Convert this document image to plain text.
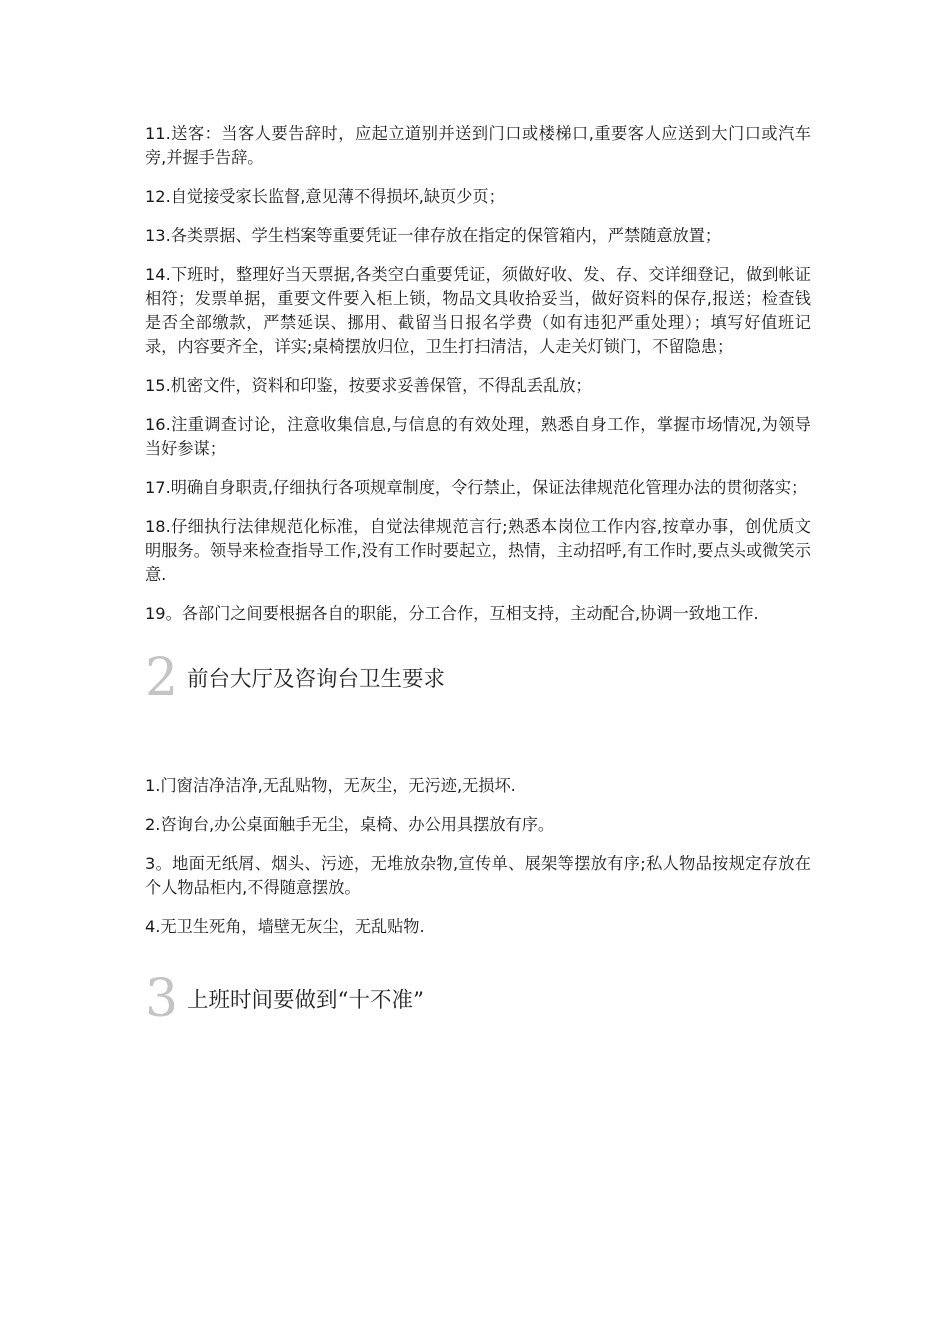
11.送客：当客人要告辞时，应起立道别并送到门口或楼梯口,重要客人应送到大门口或汽车旁,并握手告辞。

12.自觉接受家长监督,意见薄不得损坏,缺页少页；

13.各类票据、学生档案等重要凭证一律存放在指定的保管箱内，严禁随意放置；

14.下班时，整理好当天票据,各类空白重要凭证，须做好收、发、存、交详细登记，做到帐证相符；发票单据，重要文件要入柜上锁，物品文具收拾妥当，做好资料的保存,报送；检查钱是否全部缴款，严禁延误、挪用、截留当日报名学费（如有违犯严重处理）；填写好值班记录，内容要齐全，详实;桌椅摆放归位，卫生打扫清洁，人走关灯锁门，不留隐患；

15.机密文件，资料和印鉴，按要求妥善保管，不得乱丢乱放；

16.注重调查讨论，注意收集信息,与信息的有效处理，熟悉自身工作，掌握市场情况,为领导当好参谋；

17.明确自身职责,仔细执行各项规章制度，令行禁止，保证法律规范化管理办法的贯彻落实；

18.仔细执行法律规范化标准，自觉法律规范言行;熟悉本岗位工作内容,按章办事，创优质文明服务。领导来检查指导工作,没有工作时要起立，热情，主动招呼,有工作时,要点头或微笑示意.

19。各部门之间要根据各自的职能，分工合作，互相支持，主动配合,协调一致地工作.

2 前台大厅及咨询台卫生要求

1.门窗洁净洁净,无乱贴物，无灰尘，无污迹,无损坏.

2.咨询台,办公桌面触手无尘，桌椅、办公用具摆放有序。

3。地面无纸屑、烟头、污迹，无堆放杂物,宣传单、展架等摆放有序;私人物品按规定存放在个人物品柜内,不得随意摆放。

4.无卫生死角，墙壁无灰尘，无乱贴物.

3 上班时间要做到“十不准”
